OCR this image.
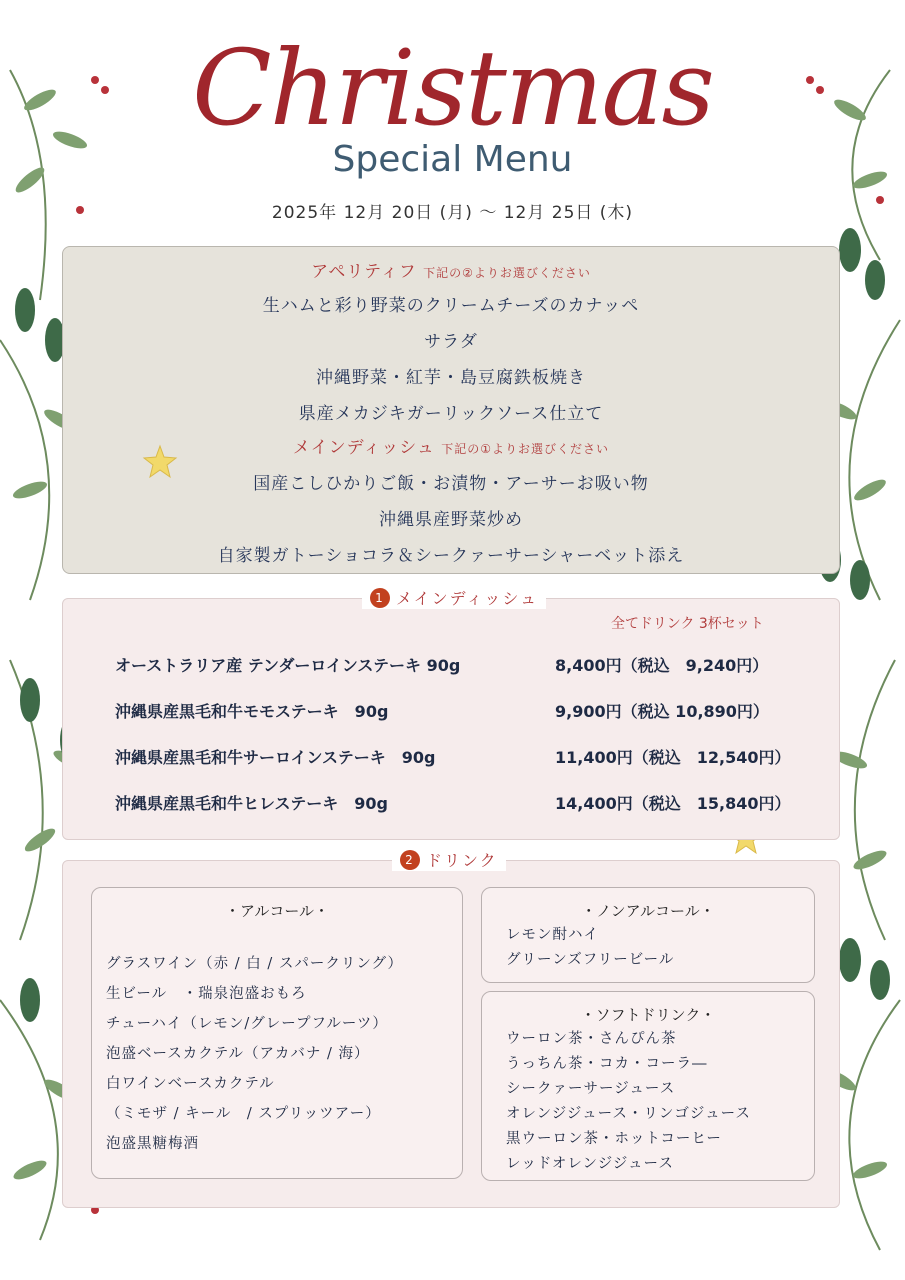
Christmas
Special Menu
2025年 12月 20日 (月) 〜 12月 25日 (木)
アペリティフ 下記の②よりお選びください
生ハムと彩り野菜のクリームチーズのカナッペ
サラダ
沖縄野菜・紅芋・島豆腐鉄板焼き
県産メカジキガーリックソース仕立て
メインディッシュ 下記の①よりお選びください
国産こしひかりご飯・お漬物・アーサーお吸い物
沖縄県産野菜炒め
自家製ガトーショコラ＆シークァーサーシャーベット添え
オーストラリア産 テンダーロインステーキ 90g	8,400円（税込　9,240円）
沖縄県産黒毛和牛モモステーキ　90g	9,900円（税込 10,890円）
沖縄県産黒毛和牛サーロインステーキ　90g	11,400円（税込　12,540円）
沖縄県産黒毛和牛ヒレステーキ　90g	14,400円（税込　15,840円）
全てドリンク 3杯セット
1 メインディッシュ
・アルコール・
グラスワイン（赤 / 白 / スパークリング）
生ビール　・瑞泉泡盛おもろ
チューハイ（レモン/グレープフルーツ）
泡盛ベースカクテル（アカバナ / 海）
白ワインベースカクテル
（ミモザ / キール　/ スプリッツアー）
泡盛黒糖梅酒
・ノンアルコール・
レモン酎ハイ
グリーンズフリービール
・ソフトドリンク・
ウーロン茶・さんぴん茶
うっちん茶・コカ・コーラ―
シークァーサージュース
オレンジジュース・リンゴジュース
黒ウーロン茶・ホットコーヒー
レッドオレンジジュース
2 ドリンク
